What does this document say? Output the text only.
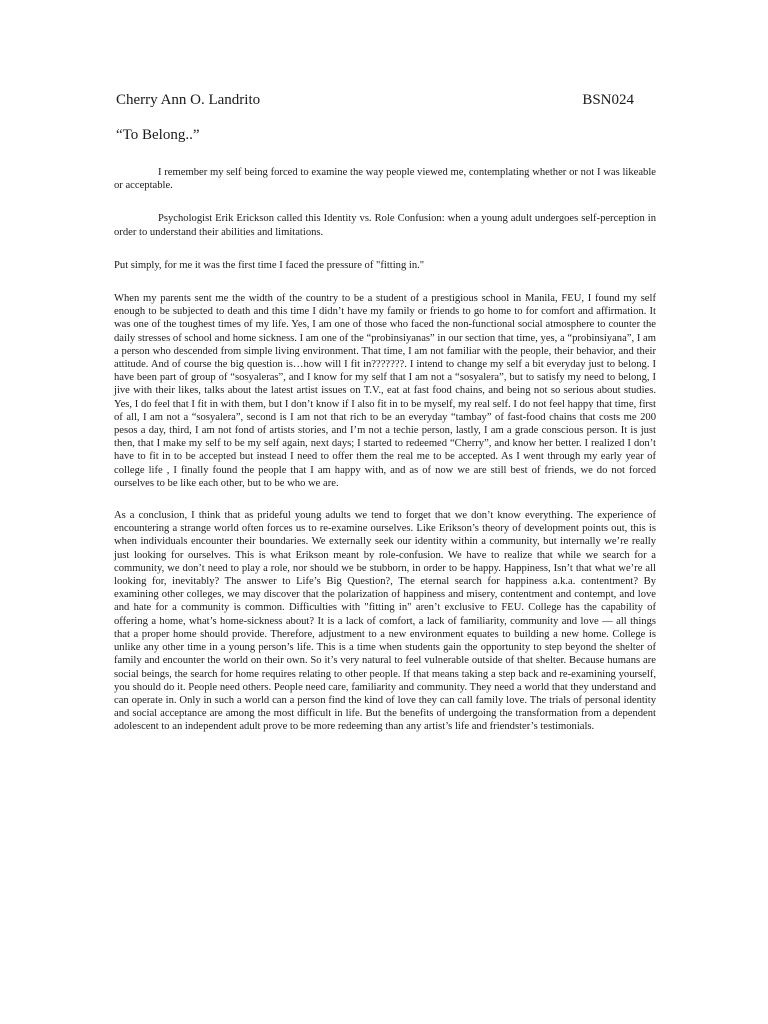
Cherry Ann O. Landrito	BSN024
“To Belong..”

I remember my self being forced to examine the way people viewed me, contemplating whether or not I was likeable or acceptable.

Psychologist Erik Erickson called this Identity vs. Role Confusion: when a young adult undergoes self-perception in order to understand their abilities and limitations.

Put simply, for me it was the first time I faced the pressure of "fitting in."

When my parents sent me the width of the country to be a student of a prestigious school in Manila, FEU, I found my self enough to be subjected to death and this time I didn’t have my family or friends to go home to for comfort and affirmation. It was one of the toughest times of my life. Yes, I am one of those who faced the non-functional social atmosphere to counter the daily stresses of school and home sickness. I am one of the “probinsiyanas” in our section that time, yes, a “probinsiyana”, I am a person who descended from simple living environment. That time, I am not familiar with the people, their behavior, and their attitude. And of course the big question is…how will I fit in???????. I intend to change my self a bit everyday just to belong. I have been part of group of “sosyaleras”, and I know for my self that I am not a “sosyalera”, but to satisfy my need to belong, I jive with their likes, talks about the latest artist issues on T.V., eat at fast food chains, and being not so serious about studies. Yes, I do feel that I fit in with them, but I don’t know if I also fit in to be myself, my real self. I do not feel happy that time, first of all, I am not a “sosyalera”, second is I am not that rich to be an everyday “tambay” of fast-food chains that costs me 200 pesos a day, third, I am not fond of artists stories, and I’m not a techie person, lastly, I am a grade conscious person. It is just then, that I make my self to be my self again, next days; I started to redeemed “Cherry”, and know her better. I realized I don’t have to fit in to be accepted but instead I need to offer them the real me to be accepted. As I went through my early year of college life , I finally found the people that I am happy with, and as of now we are still best of friends, we do not forced ourselves to be like each other, but to be who we are.

As a conclusion, I think that as prideful young adults we tend to forget that we don’t know everything. The experience of encountering a strange world often forces us to re-examine ourselves. Like Erikson’s theory of development points out, this is when individuals encounter their boundaries. We externally seek our identity within a community, but internally we’re really just looking for ourselves. This is what Erikson meant by role-confusion. We have to realize that while we search for a community, we don’t need to play a role, nor should we be stubborn, in order to be happy. Happiness, Isn’t that what we’re all looking for, inevitably? The answer to Life’s Big Question?, The eternal search for happiness a.k.a. contentment? By examining other colleges, we may discover that the polarization of happiness and misery, contentment and contempt, and love and hate for a community is common. Difficulties with "fitting in" aren’t exclusive to FEU. College has the capability of offering a home, what’s home-sickness about? It is a lack of comfort, a lack of familiarity, community and love — all things that a proper home should provide. Therefore, adjustment to a new environment equates to building a new home. College is unlike any other time in a young person’s life. This is a time when students gain the opportunity to step beyond the shelter of family and encounter the world on their own. So it’s very natural to feel vulnerable outside of that shelter. Because humans are social beings, the search for home requires relating to other people. If that means taking a step back and re-examining yourself, you should do it. People need others. People need care, familiarity and community. They need a world that they understand and can operate in. Only in such a world can a person find the kind of love they can call family love. The trials of personal identity and social acceptance are among the most difficult in life. But the benefits of undergoing the transformation from a dependent adolescent to an independent adult prove to be more redeeming than any artist’s life and friendster’s testimonials.
